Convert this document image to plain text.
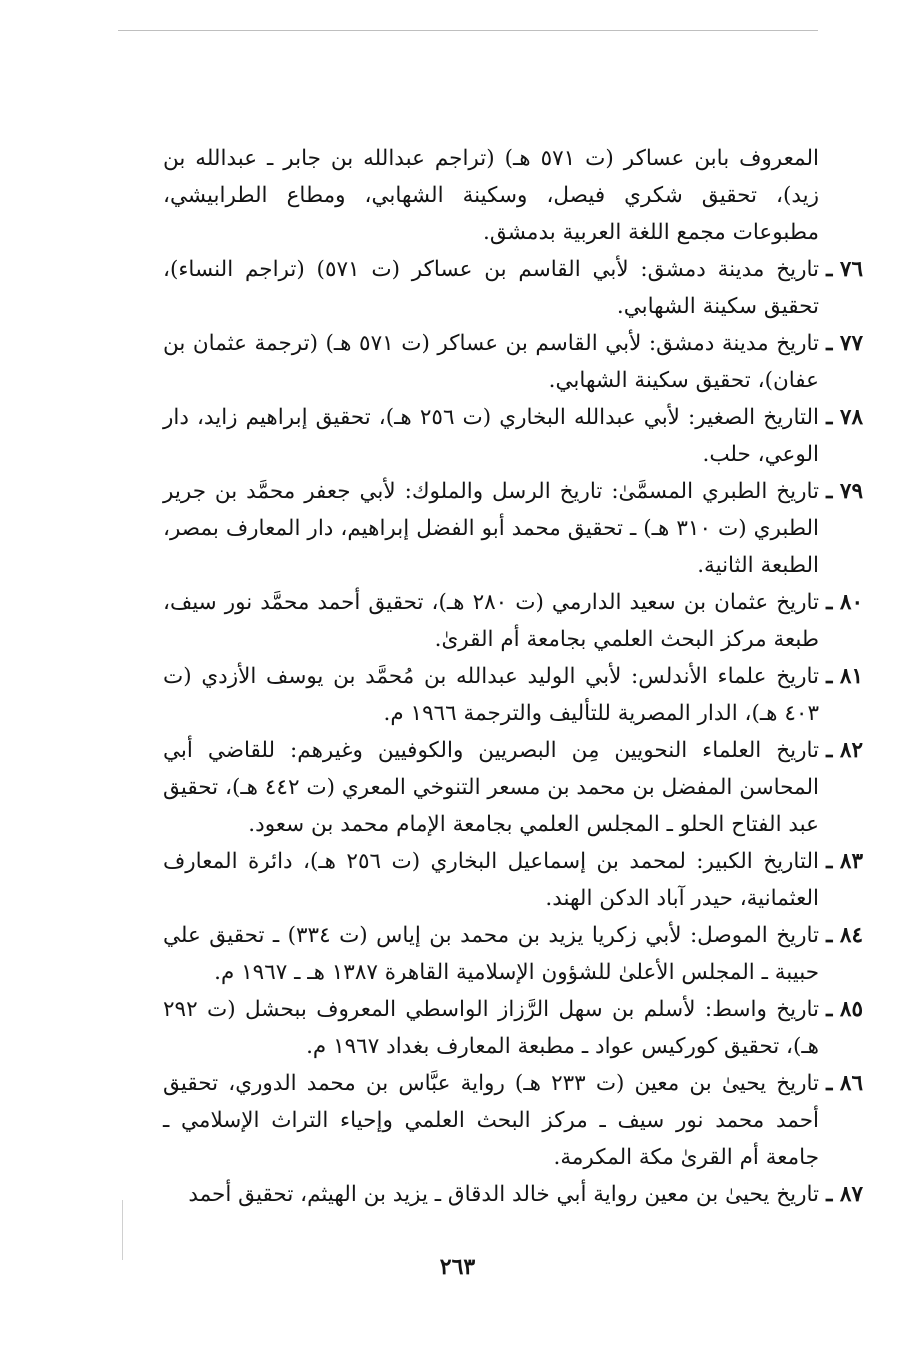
المعروف بابن عساكر (ت ٥٧١ هـ) (تراجم عبدالله بن جابر ـ عبدالله بن زيد)، تحقيق شكري فيصل، وسكينة الشهابي، ومطاع الطرابيشي، مطبوعات مجمع اللغة العربية بدمشق.

٧٦ ـ
تاريخ مدينة دمشق: لأبي القاسم بن عساكر (ت ٥٧١) (تراجم النساء)، تحقيق سكينة الشهابي.

٧٧ ـ
تاريخ مدينة دمشق: لأبي القاسم بن عساكر (ت ٥٧١ هـ) (ترجمة عثمان بن عفان)، تحقيق سكينة الشهابي.

٧٨ ـ
التاريخ الصغير: لأبي عبدالله البخاري (ت ٢٥٦ هـ)، تحقيق إبراهيم زايد، دار الوعي، حلب.

٧٩ ـ
تاريخ الطبري المسمَّىٰ: تاريخ الرسل والملوك: لأبي جعفر محمَّد بن جرير الطبري (ت ٣١٠ هـ) ـ تحقيق محمد أبو الفضل إبراهيم، دار المعارف بمصر، الطبعة الثانية.

٨٠ ـ
تاريخ عثمان بن سعيد الدارمي (ت ٢٨٠ هـ)، تحقيق أحمد محمَّد نور سيف، طبعة مركز البحث العلمي بجامعة أم القرىٰ.

٨١ ـ
تاريخ علماء الأندلس: لأبي الوليد عبدالله بن مُحمَّد بن يوسف الأزدي (ت ٤٠٣ هـ)، الدار المصرية للتأليف والترجمة ١٩٦٦ م.

٨٢ ـ
تاريخ العلماء النحويين مِن البصريين والكوفيين وغيرهم: للقاضي أبي المحاسن المفضل بن محمد بن مسعر التنوخي المعري (ت ٤٤٢ هـ)، تحقيق عبد الفتاح الحلو ـ المجلس العلمي بجامعة الإمام محمد بن سعود.

٨٣ ـ
التاريخ الكبير: لمحمد بن إسماعيل البخاري (ت ٢٥٦ هـ)، دائرة المعارف العثمانية، حيدر آباد الدكن الهند.

٨٤ ـ
تاريخ الموصل: لأبي زكريا يزيد بن محمد بن إياس (ت ٣٣٤) ـ تحقيق علي حبيبة ـ المجلس الأعلىٰ للشؤون الإسلامية القاهرة ١٣٨٧ هـ ـ ١٩٦٧ م.

٨٥ ـ
تاريخ واسط: لأسلم بن سهل الرَّزاز الواسطي المعروف ببحشل (ت ٢٩٢ هـ)، تحقيق كوركيس عواد ـ مطبعة المعارف بغداد ١٩٦٧ م.

٨٦ ـ
تاريخ يحيىٰ بن معين (ت ٢٣٣ هـ) رواية عبَّاس بن محمد الدوري، تحقيق أحمد محمد نور سيف ـ مركز البحث العلمي وإحياء التراث الإسلامي ـ جامعة أم القرىٰ مكة المكرمة.

٨٧ ـ
تاريخ يحيىٰ بن معين رواية أبي خالد الدقاق ـ يزيد بن الهيثم، تحقيق أحمد

٢٦٣
